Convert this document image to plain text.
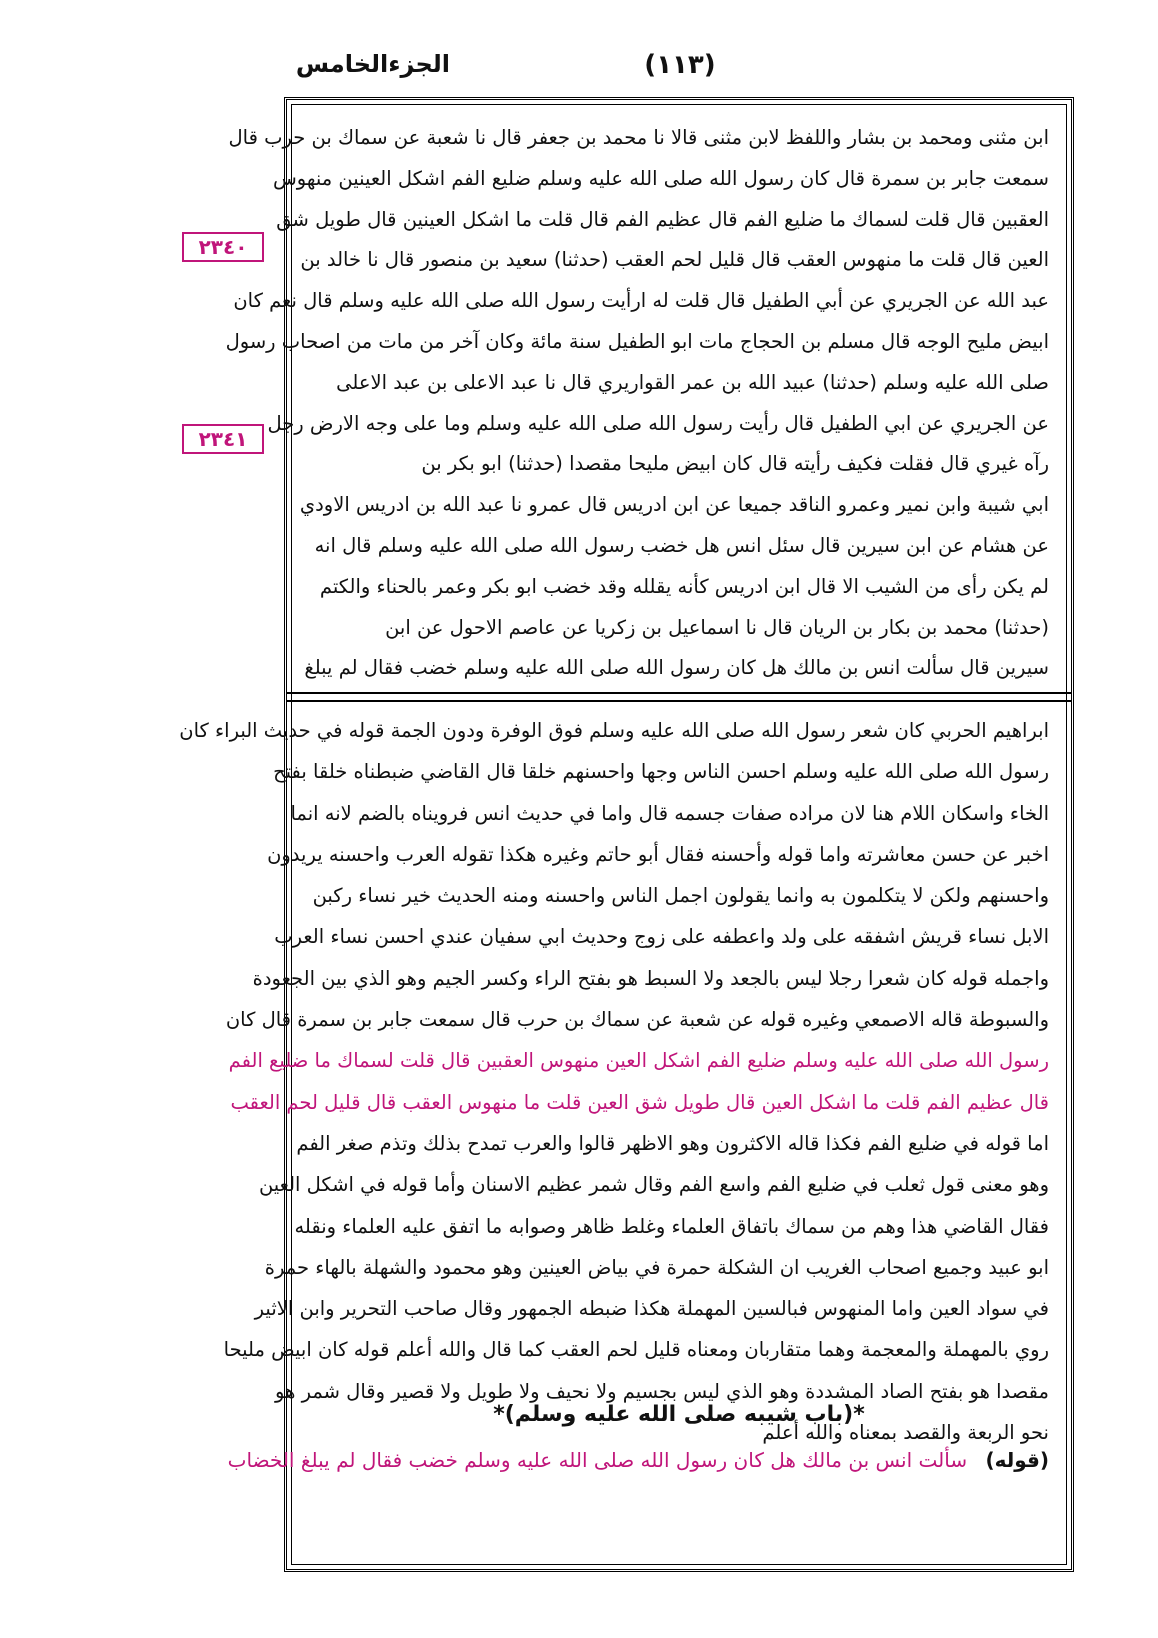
الجزءالخامس	(١١٣)
٢٣٤٠
٢٣٤١
ابن مثنى ومحمد بن بشار واللفظ لابن مثنى قالا نا محمد بن جعفر قال نا شعبة عن سماك بن حرب قال
سمعت جابر بن سمرة قال كان رسول الله صلى الله عليه وسلم ضليع الفم اشكل العينين منهوس
العقبين قال قلت لسماك ما ضليع الفم قال عظيم الفم قال قلت ما اشكل العينين قال طويل شق
العين قال قلت ما منهوس العقب قال قليل لحم العقب (حدثنا) سعيد بن منصور قال نا خالد بن
عبد الله عن الجريري عن أبي الطفيل قال قلت له ارأيت رسول الله صلى الله عليه وسلم قال نعم كان
ابيض مليح الوجه قال مسلم بن الحجاج مات ابو الطفيل سنة مائة وكان آخر من مات من اصحاب رسول
صلى الله عليه وسلم (حدثنا) عبيد الله بن عمر القواريري قال نا عبد الاعلى بن عبد الاعلى
عن الجريري عن ابي الطفيل قال رأيت رسول الله صلى الله عليه وسلم وما على وجه الارض رجل
رآه غيري قال فقلت فكيف رأيته قال كان ابيض مليحا مقصدا (حدثنا) ابو بكر بن
ابي شيبة وابن نمير وعمرو الناقد جميعا عن ابن ادريس قال عمرو نا عبد الله بن ادريس الاودي
عن هشام عن ابن سيرين قال سئل انس هل خضب رسول الله صلى الله عليه وسلم قال انه
لم يكن رأى من الشيب الا قال ابن ادريس كأنه يقلله وقد خضب ابو بكر وعمر بالحناء والكتم
(حدثنا) محمد بن بكار بن الريان قال نا اسماعيل بن زكريا عن عاصم الاحول عن ابن
سيرين قال سألت انس بن مالك هل كان رسول الله صلى الله عليه وسلم خضب فقال لم يبلغ
ابراهيم الحربي كان شعر رسول الله صلى الله عليه وسلم فوق الوفرة ودون الجمة قوله في حديث البراء كان
رسول الله صلى الله عليه وسلم احسن الناس وجها واحسنهم خلقا قال القاضي ضبطناه خلقا بفتح
الخاء واسكان اللام هنا لان مراده صفات جسمه قال واما في حديث انس فرويناه بالضم لانه انما
اخبر عن حسن معاشرته واما قوله وأحسنه فقال أبو حاتم وغيره هكذا تقوله العرب واحسنه يريدون
واحسنهم ولكن لا يتكلمون به وانما يقولون اجمل الناس واحسنه ومنه الحديث خير نساء ركبن
الابل نساء قريش اشفقه على ولد واعطفه على زوج وحديث ابي سفيان عندي احسن نساء العرب
واجمله قوله كان شعرا رجلا ليس بالجعد ولا السبط هو بفتح الراء وكسر الجيم وهو الذي بين الجعودة
والسبوطة قاله الاصمعي وغيره قوله عن شعبة عن سماك بن حرب قال سمعت جابر بن سمرة قال كان
رسول الله صلى الله عليه وسلم ضليع الفم اشكل العين منهوس العقبين قال قلت لسماك ما ضليع الفم
قال عظيم الفم قلت ما اشكل العين قال طويل شق العين قلت ما منهوس العقب قال قليل لحم العقب
اما قوله في ضليع الفم فكذا قاله الاكثرون وهو الاظهر قالوا والعرب تمدح بذلك وتذم صغر الفم
وهو معنى قول ثعلب في ضليع الفم واسع الفم وقال شمر عظيم الاسنان وأما قوله في اشكل العين
فقال القاضي هذا وهم من سماك باتفاق العلماء وغلط ظاهر وصوابه ما اتفق عليه العلماء ونقله
ابو عبيد وجميع اصحاب الغريب ان الشكلة حمرة في بياض العينين وهو محمود والشهلة بالهاء حمرة
في سواد العين واما المنهوس فبالسين المهملة هكذا ضبطه الجمهور وقال صاحب التحرير وابن الاثير
روي بالمهملة والمعجمة وهما متقاربان ومعناه قليل لحم العقب كما قال والله أعلم قوله كان ابيض مليحا
مقصدا هو بفتح الصاد المشددة وهو الذي ليس بجسيم ولا نحيف ولا طويل ولا قصير وقال شمر هو
نحو الربعة والقصد بمعناه والله أعلم
*(باب شيبه صلى الله عليه وسلم)*
(قوله) سألت انس بن مالك هل كان رسول الله صلى الله عليه وسلم خضب فقال لم يبلغ الخضاب
